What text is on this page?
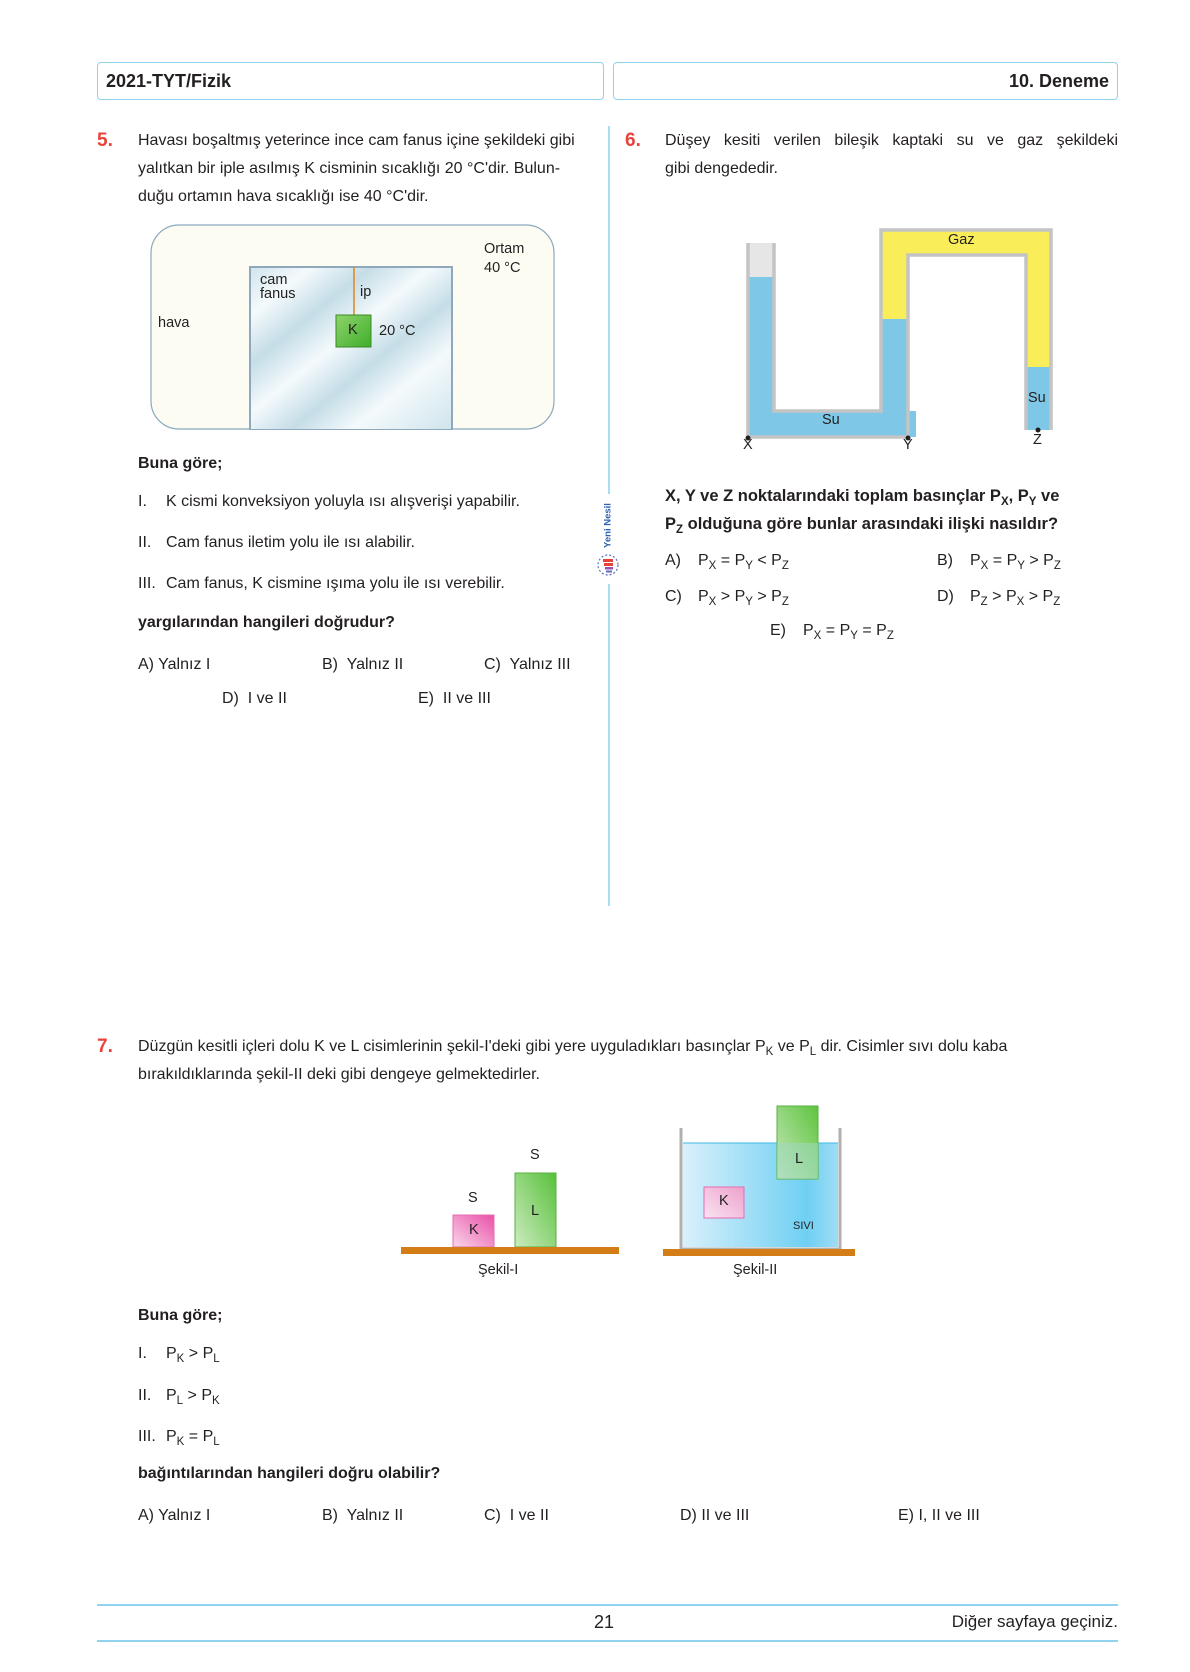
2021-TYT/Fizik	10. Deneme
5. Havası boşaltmış yeterince ince cam fanus içine şekildeki gibi
yalıtkan bir iple asılmış K cisminin sıcaklığı 20 °C'dir. Bulun-
duğu ortamın hava sıcaklığı ise 40 °C'dir.
Ortam
40 °C
hava
cam
fanus	ip
K 20 °C
Buna göre;
I. K cismi konveksiyon yoluyla ısı alışverişi yapabilir.
II. Cam fanus iletim yolu ile ısı alabilir.
III. Cam fanus, K cismine ışıma yolu ile ısı verebilir.
yargılarından hangileri doğrudur?
A) Yalnız I	B) Yalnız II	C) Yalnız III
D) I ve II	E) II ve III
Yeni Nesil
6. Düşey kesiti verilen bileşik kaptaki su ve gaz şekildeki
gibi dengededir.
Gaz
Su
Su
X	Y	Z
X, Y ve Z noktalarındaki toplam basınçlar $P_X$, $P_Y$ ve
$P_Z$ olduğuna göre bunlar arasındaki ilişki nasıldır?
A) $P_X = P_Y < P_Z$	B) $P_X = P_Y > P_Z$
C) $P_X > P_Y > P_Z$	D) $P_Z > P_X > P_Z$
E) $P_X = P_Y = P_Z$
7. Düzgün kesitli içleri dolu K ve L cisimlerinin şekil-I'deki gibi yere uyguladıkları basınçlar $P_K$ ve $P_L$ dir. Cisimler sıvı dolu kaba
bırakıldıklarında şekil-II deki gibi dengeye gelmektedirler.
S
S
K
L
Şekil-I
L
K
SIVI
Şekil-II
Buna göre;
I. $P_K > P_L$
II. $P_L > P_K$
III. $P_K = P_L$
bağıntılarından hangileri doğru olabilir?
A) Yalnız I	B) Yalnız II	C) I ve II	D) II ve III	E) I, II ve III
21	Diğer sayfaya geçiniz.
